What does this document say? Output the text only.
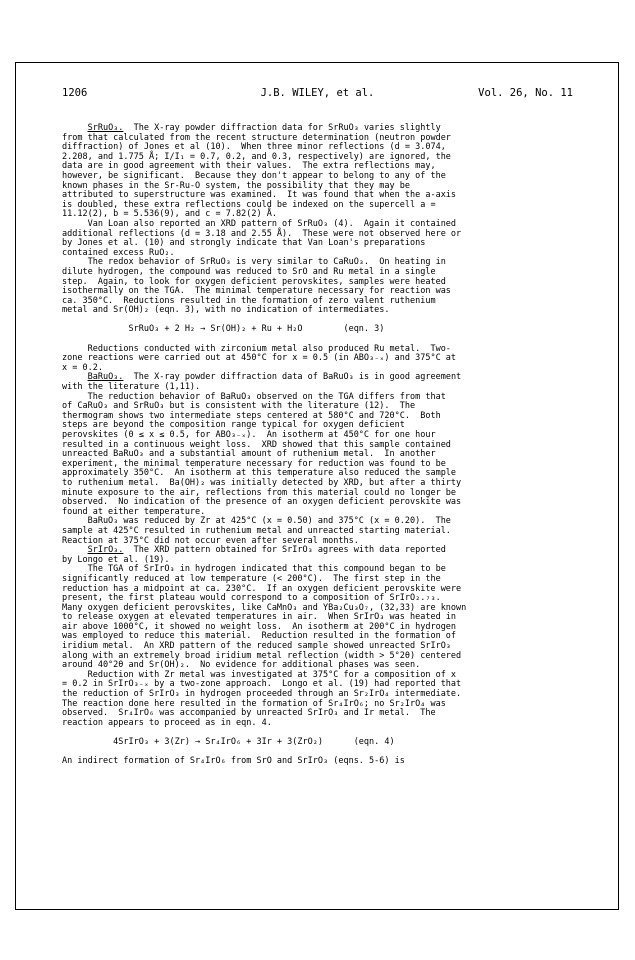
1206	J.B. WILEY, et al.	Vol. 26, No. 11

SrRuO₃.  The X-ray powder diffraction data for SrRuO₃ varies slightly

from that calculated from the recent structure determination (neutron powder

diffraction) of Jones et al (10).  When three minor reflections (d = 3.074,

2.208, and 1.775 Å; I/I₁ = 0.7, 0.2, and 0.3, respectively) are ignored, the

data are in good agreement with their values.  The extra reflections may,

however, be significant.  Because they don't appear to belong to any of the

known phases in the Sr-Ru-O system, the possibility that they may be

attributed to superstructure was examined.  It was found that when the a-axis

is doubled, these extra reflections could be indexed on the supercell a =

11.12(2), b = 5.536(9), and c = 7.82(2) Å.

Van Loan also reported an XRD pattern of SrRuO₃ (4).  Again it contained

additional reflections (d = 3.18 and 2.55 Å).  These were not observed here or

by Jones et al. (10) and strongly indicate that Van Loan's preparations

contained excess RuO₂.

The redox behavior of SrRuO₃ is very similar to CaRuO₃.  On heating in

dilute hydrogen, the compound was reduced to SrO and Ru metal in a single

step.  Again, to look for oxygen deficient perovskites, samples were heated

isothermally on the TGA.  The minimal temperature necessary for reaction was

ca. 350°C.  Reductions resulted in the formation of zero valent ruthenium

metal and Sr(OH)₂ (eqn. 3), with no indication of intermediates.

SrRuO₃ + 2 H₂ → Sr(OH)₂ + Ru + H₂O        (eqn. 3)

Reductions conducted with zirconium metal also produced Ru metal.  Two-

zone reactions were carried out at 450°C for x = 0.5 (in ABO₃₋ₓ) and 375°C at

x = 0.2.

BaRuO₃.  The X-ray powder diffraction data of BaRuO₃ is in good agreement

with the literature (1,11).

The reduction behavior of BaRuO₃ observed on the TGA differs from that

of CaRuO₃ and SrRuO₃ but is consistent with the literature (12).  The

thermogram shows two intermediate steps centered at 580°C and 720°C.  Both

steps are beyond the composition range typical for oxygen deficient

perovskites (0 ≤ x ≤ 0.5, for ABO₃₋ₓ).  An isotherm at 450°C for one hour

resulted in a continuous weight loss.  XRD showed that this sample contained

unreacted BaRuO₃ and a substantial amount of ruthenium metal.  In another

experiment, the minimal temperature necessary for reduction was found to be

approximately 350°C.  An isotherm at this temperature also reduced the sample

to ruthenium metal.  Ba(OH)₂ was initially detected by XRD, but after a thirty

minute exposure to the air, reflections from this material could no longer be

observed.  No indication of the presence of an oxygen deficient perovskite was

found at either temperature.

BaRuO₃ was reduced by Zr at 425°C (x = 0.50) and 375°C (x = 0.20).  The

sample at 425°C resulted in ruthenium metal and unreacted starting material.

Reaction at 375°C did not occur even after several months.

SrIrO₃.  The XRD pattern obtained for SrIrO₃ agrees with data reported

by Longo et al. (19).

The TGA of SrIrO₃ in hydrogen indicated that this compound began to be

significantly reduced at low temperature (< 200°C).  The first step in the

reduction has a midpoint at ca. 230°C.  If an oxygen deficient perovskite were

present, the first plateau would correspond to a composition of SrIrO₂.₇₃.

Many oxygen deficient perovskites, like CaMnO₃ and YBa₂Cu₃O₇, (32,33) are known

to release oxygen at elevated temperatures in air.  When SrIrO₃ was heated in

air above 1000°C, it showed no weight loss.  An isotherm at 200°C in hydrogen

was employed to reduce this material.  Reduction resulted in the formation of

iridium metal.  An XRD pattern of the reduced sample showed unreacted SrIrO₃

along with an extremely broad iridium metal reflection (width > 5°2θ) centered

around 40°2θ and Sr(OH)₂.  No evidence for additional phases was seen.

Reduction with Zr metal was investigated at 375°C for a composition of x

= 0.2 in SrIrO₃₋ₓ by a two-zone approach.  Longo et al. (19) had reported that

the reduction of SrIrO₃ in hydrogen proceeded through an Sr₂IrO₄ intermediate.

The reaction done here resulted in the formation of Sr₄IrO₆; no Sr₂IrO₄ was

observed.  Sr₄IrO₆ was accompanied by unreacted SrIrO₃ and Ir metal.  The

reaction appears to proceed as in eqn. 4.

4SrIrO₃ + 3(Zr) → Sr₄IrO₆ + 3Ir + 3(ZrO₂)      (eqn. 4)

An indirect formation of Sr₄IrO₆ from SrO and SrIrO₃ (eqns. 5-6) is
